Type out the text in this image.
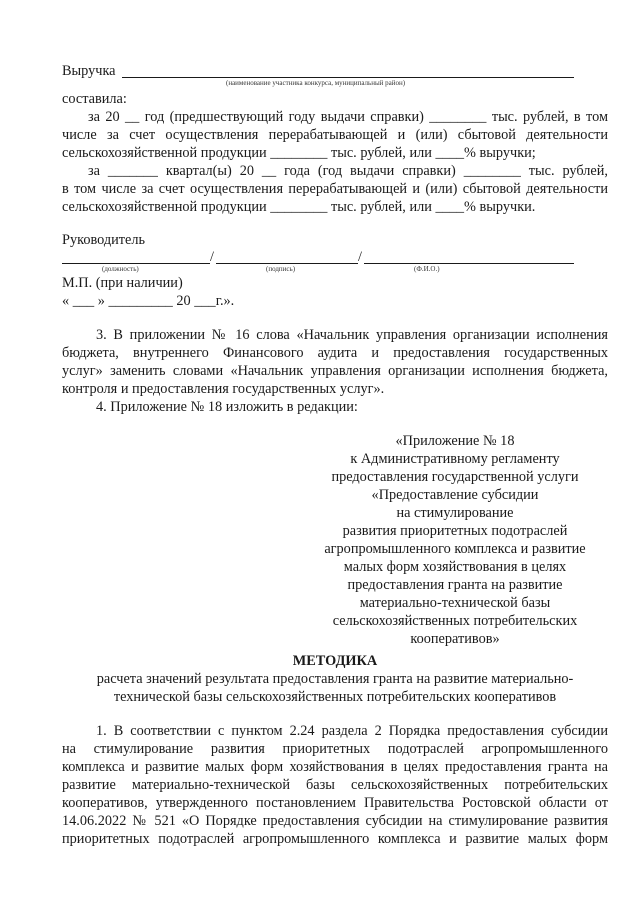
Выручка
(наименование участника конкурса, муниципальный район)
составила:
за 20 __ год (предшествующий году выдачи справки) ________ тыс. рублей, в том
числе за счет осуществления перерабатывающей и (или) сбытовой деятельности
сельскохозяйственной продукции ________ тыс. рублей, или ____% выручки;
за _______ квартал(ы) 20 __ года (год выдачи справки) ________ тыс. рублей,
в том числе за счет осуществления перерабатывающей и (или) сбытовой деятельности
сельскохозяйственной продукции ________ тыс. рублей, или ____% выручки.
Руководитель
/	/
(должность)	(подпись)	(Ф.И.О.)
М.П. (при наличии)
« ___ » _________ 20 ___г.».
3. В приложении № 16 слова «Начальник управления организации исполнения
бюджета, внутреннего Финансового аудита и предоставления государственных
услуг» заменить словами «Начальник управления организации исполнения бюджета,
контроля и предоставления государственных услуг».
4. Приложение № 18 изложить в редакции:
«Приложение № 18
к Административному регламенту
предоставления государственной услуги
«Предоставление субсидии
на стимулирование
развития приоритетных подотраслей
агропромышленного комплекса и развитие
малых форм хозяйствования в целях
предоставления гранта на развитие
материально-технической базы
сельскохозяйственных потребительских
кооперативов»
МЕТОДИКА
расчета значений результата предоставления гранта на развитие материально-
технической базы сельскохозяйственных потребительских кооперативов
1. В соответствии с пунктом 2.24 раздела 2 Порядка предоставления субсидии
на стимулирование развития приоритетных подотраслей агропромышленного
комплекса и развитие малых форм хозяйствования в целях предоставления гранта на
развитие материально-технической базы сельскохозяйственных потребительских
кооперативов, утвержденного постановлением Правительства Ростовской области от
14.06.2022 № 521 «О Порядке предоставления субсидии на стимулирование развития
приоритетных подотраслей агропромышленного комплекса и развитие малых форм
